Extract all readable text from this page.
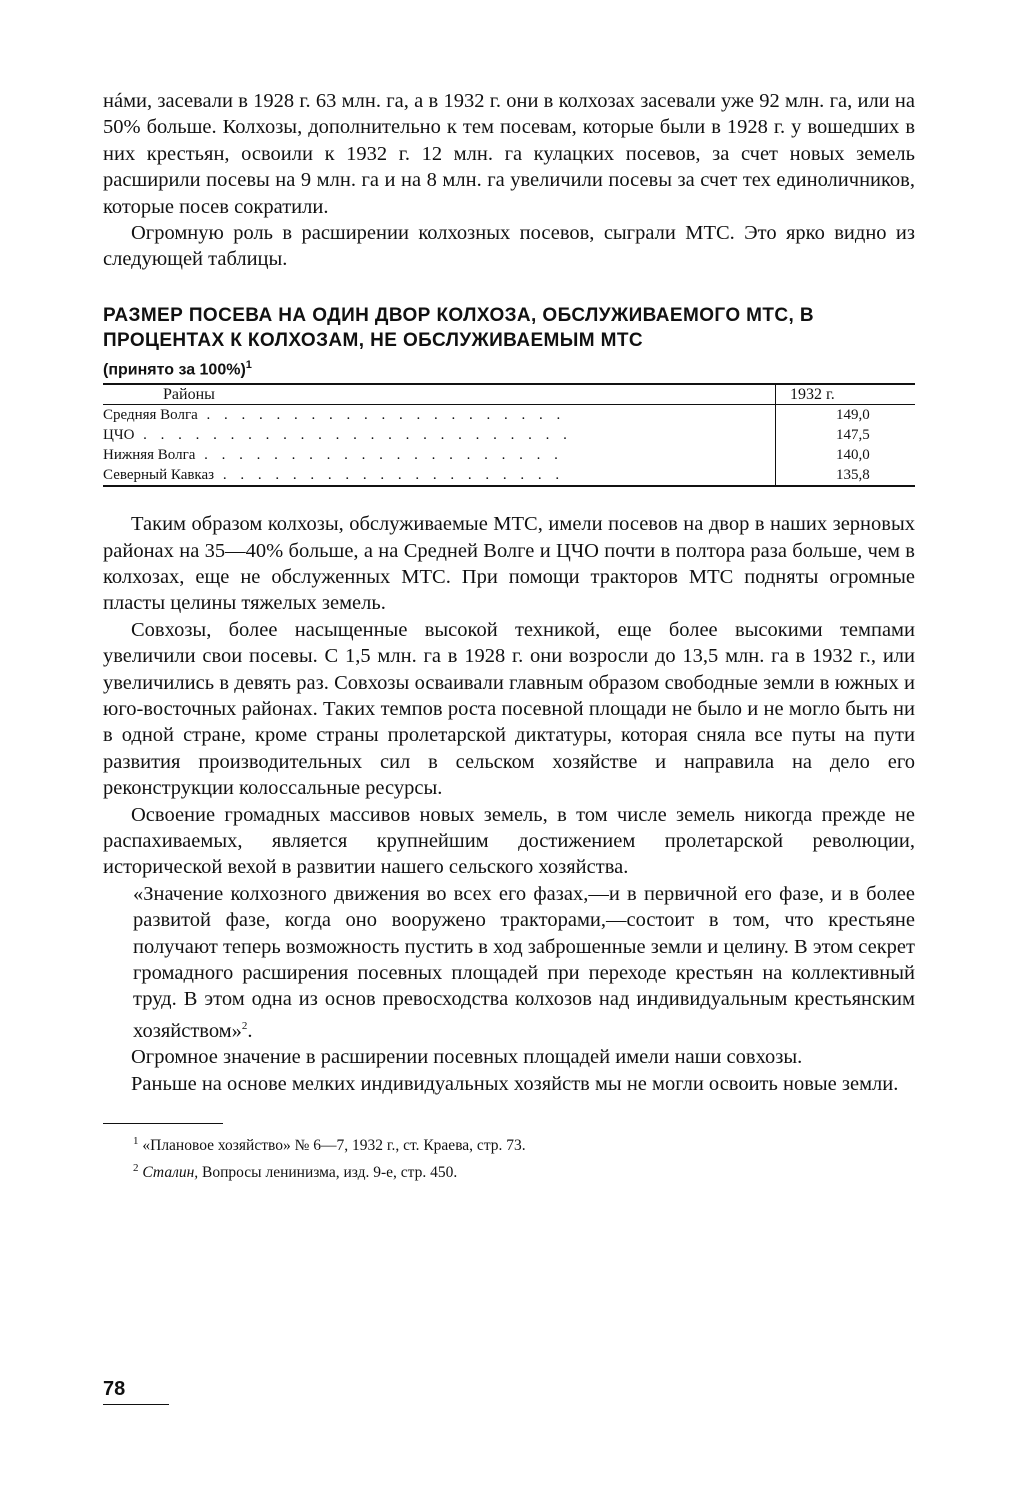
нáми, засевали в 1928 г. 63 млн. га, а в 1932 г. они в колхозах засевали уже 92 млн. га, или на 50% больше. Колхозы, дополнительно к тем посевам, которые были в 1928 г. у вошедших в них крестьян, освоили к 1932 г. 12 млн. га кулацких посевов, за счет новых земель расширили посевы на 9 млн. га и на 8 млн. га увеличили посевы за счет тех единоличников, которые посев сократили.

Огромную роль в расширении колхозных посевов, сыграли МТС. Это ярко видно из следующей таблицы.

РАЗМЕР ПОСЕВА НА ОДИН ДВОР КОЛХОЗА, ОБСЛУЖИВАЕМОГО МТС, В ПРОЦЕНТАХ К КОЛХОЗАМ, НЕ ОБСЛУЖИВАЕМЫМ МТС

(принято за 100%)$^1$

Районы	1932 г.
Средняя Волга . . . . . . . . . . . . . . . . . . . . .	149,0
ЦЧО . . . . . . . . . . . . . . . . . . . . . . . . .	147,5
Нижняя Волга . . . . . . . . . . . . . . . . . . . . .	140,0
Северный Кавказ . . . . . . . . . . . . . . . . . . . .	135,8

Таким образом колхозы, обслуживаемые МТС, имели посевов на двор в наших зерновых районах на 35—40% больше, а на Средней Волге и ЦЧО почти в полтора раза больше, чем в колхозах, еще не обслуженных МТС. При помощи тракторов МТС подняты огромные пласты целины тяжелых земель.

Совхозы, более насыщенные высокой техникой, еще более высокими темпами увеличили свои посевы. С 1,5 млн. га в 1928 г. они возросли до 13,5 млн. га в 1932 г., или увеличились в девять раз. Совхозы осваивали главным образом свободные земли в южных и юго-восточных районах. Таких темпов роста посевной площади не было и не могло быть ни в одной стране, кроме страны пролетарской диктатуры, которая сняла все путы на пути развития производительных сил в сельском хозяйстве и направила на дело его реконструкции колоссальные ресурсы.

Освоение громадных массивов новых земель, в том числе земель никогда прежде не распахиваемых, является крупнейшим достижением пролетарской революции, исторической вехой в развитии нашего сельского хозяйства.

«Значение колхозного движения во всех его фазах,—и в первичной его фазе, и в более развитой фазе, когда оно вооружено тракторами,—состоит в том, что крестьяне получают теперь возможность пустить в ход заброшенные земли и целину. В этом секрет громадного расширения посевных площадей при переходе крестьян на коллективный труд. В этом одна из основ превосходства колхозов над индивидуальным крестьянским хозяйством»$^2$.

Огромное значение в расширении посевных площадей имели наши совхозы.

Раньше на основе мелких индивидуальных хозяйств мы не могли освоить новые земли.

$^1$ «Плановое хозяйство» № 6—7, 1932 г., ст. Краева, стр. 73.

$^2$ Сталин, Вопросы ленинизма, изд. 9-е, стр. 450.

78
